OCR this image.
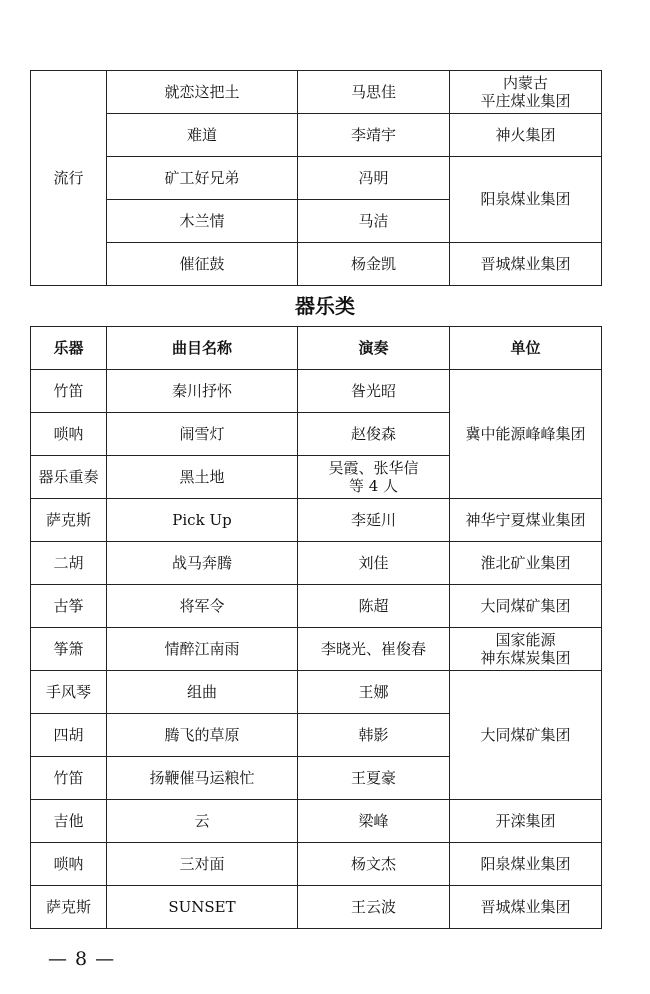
流行	就恋这把土	马思佳	内蒙古
平庄煤业集团
	难道	李靖宇	神火集团
	矿工好兄弟	冯明	阳泉煤业集团
	木兰情	马洁	
	催征鼓	杨金凯	晋城煤业集团
器乐类
乐器	曲目名称	演奏	单位
竹笛	秦川抒怀	昝光昭	冀中能源峰峰集团
唢呐	闹雪灯	赵俊森	
器乐重奏	黑土地	吴霞、张华信
等 4 人	
萨克斯	Pick Up	李延川	神华宁夏煤业集团
二胡	战马奔腾	刘佳	淮北矿业集团
古筝	将军令	陈超	大同煤矿集团
筝箫	情醉江南雨	李晓光、崔俊春	国家能源
神东煤炭集团
手风琴	组曲	王娜	大同煤矿集团
四胡	腾飞的草原	韩影	
竹笛	扬鞭催马运粮忙	王夏豪	
吉他	云	梁峰	开滦集团
唢呐	三对面	杨文杰	阳泉煤业集团
萨克斯	SUNSET	王云波	晋城煤业集团
— 8 —
